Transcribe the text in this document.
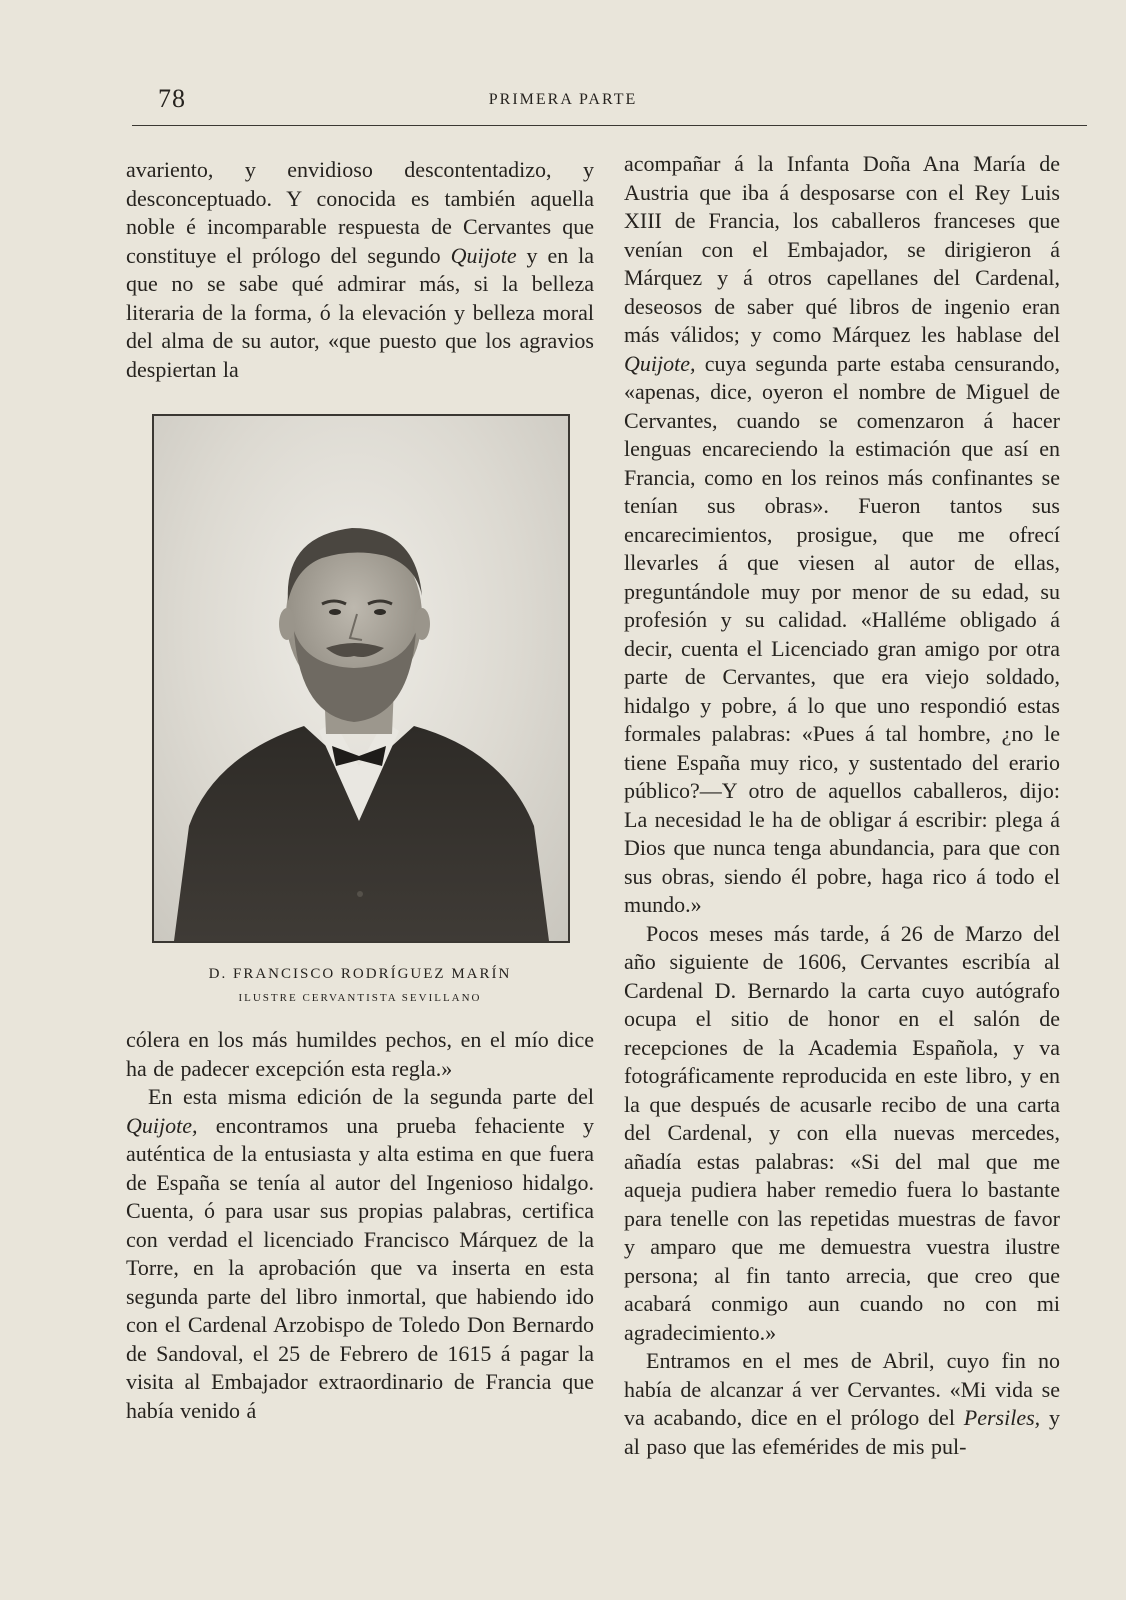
78	PRIMERA PARTE

avariento, y envidioso descontentadizo, y desconceptuado. Y conocida es también aquella noble é incomparable respuesta de Cervantes que constituye el prólogo del segundo Quijote y en la que no se sabe qué admirar más, si la belleza literaria de la forma, ó la elevación y belleza moral del alma de su autor, «que puesto que los agravios despiertan la

D. FRANCISCO RODRÍGUEZ MARÍN
ILUSTRE CERVANTISTA SEVILLANO

cólera en los más humildes pechos, en el mío dice ha de padecer excepción esta regla.»

En esta misma edición de la segunda parte del Quijote, encontramos una prueba fehaciente y auténtica de la entusiasta y alta estima en que fuera de España se tenía al autor del Ingenioso hidalgo. Cuenta, ó para usar sus propias palabras, certifica con verdad el licenciado Francisco Márquez de la Torre, en la aprobación que va inserta en esta segunda parte del libro inmortal, que habiendo ido con el Cardenal Arzobispo de Toledo Don Bernardo de Sandoval, el 25 de Febrero de 1615 á pagar la visita al Embajador extraordinario de Francia que había venido á

acompañar á la Infanta Doña Ana María de Austria que iba á desposarse con el Rey Luis XIII de Francia, los caballeros franceses que venían con el Embajador, se dirigieron á Márquez y á otros capellanes del Cardenal, deseosos de saber qué libros de ingenio eran más válidos; y como Márquez les hablase del Quijote, cuya segunda parte estaba censurando, «apenas, dice, oyeron el nombre de Miguel de Cervantes, cuando se comenzaron á hacer lenguas encareciendo la estimación que así en Francia, como en los reinos más confinantes se tenían sus obras». Fueron tantos sus encarecimientos, prosigue, que me ofrecí llevarles á que viesen al autor de ellas, preguntándole muy por menor de su edad, su profesión y su calidad. «Halléme obligado á decir, cuenta el Licenciado gran amigo por otra parte de Cervantes, que era viejo soldado, hidalgo y pobre, á lo que uno respondió estas formales palabras: «Pues á tal hombre, ¿no le tiene España muy rico, y sustentado del erario público?—Y otro de aquellos caballeros, dijo: La necesidad le ha de obligar á escribir: plega á Dios que nunca tenga abundancia, para que con sus obras, siendo él pobre, haga rico á todo el mundo.»

Pocos meses más tarde, á 26 de Marzo del año siguiente de 1606, Cervantes escribía al Cardenal D. Bernardo la carta cuyo autógrafo ocupa el sitio de honor en el salón de recepciones de la Academia Española, y va fotográficamente reproducida en este libro, y en la que después de acusarle recibo de una carta del Cardenal, y con ella nuevas mercedes, añadía estas palabras: «Si del mal que me aqueja pudiera haber remedio fuera lo bastante para tenelle con las repetidas muestras de favor y amparo que me demuestra vuestra ilustre persona; al fin tanto arrecia, que creo que acabará conmigo aun cuando no con mi agradecimiento.»

Entramos en el mes de Abril, cuyo fin no había de alcanzar á ver Cervantes. «Mi vida se va acabando, dice en el prólogo del Persiles, y al paso que las efemérides de mis pul-
